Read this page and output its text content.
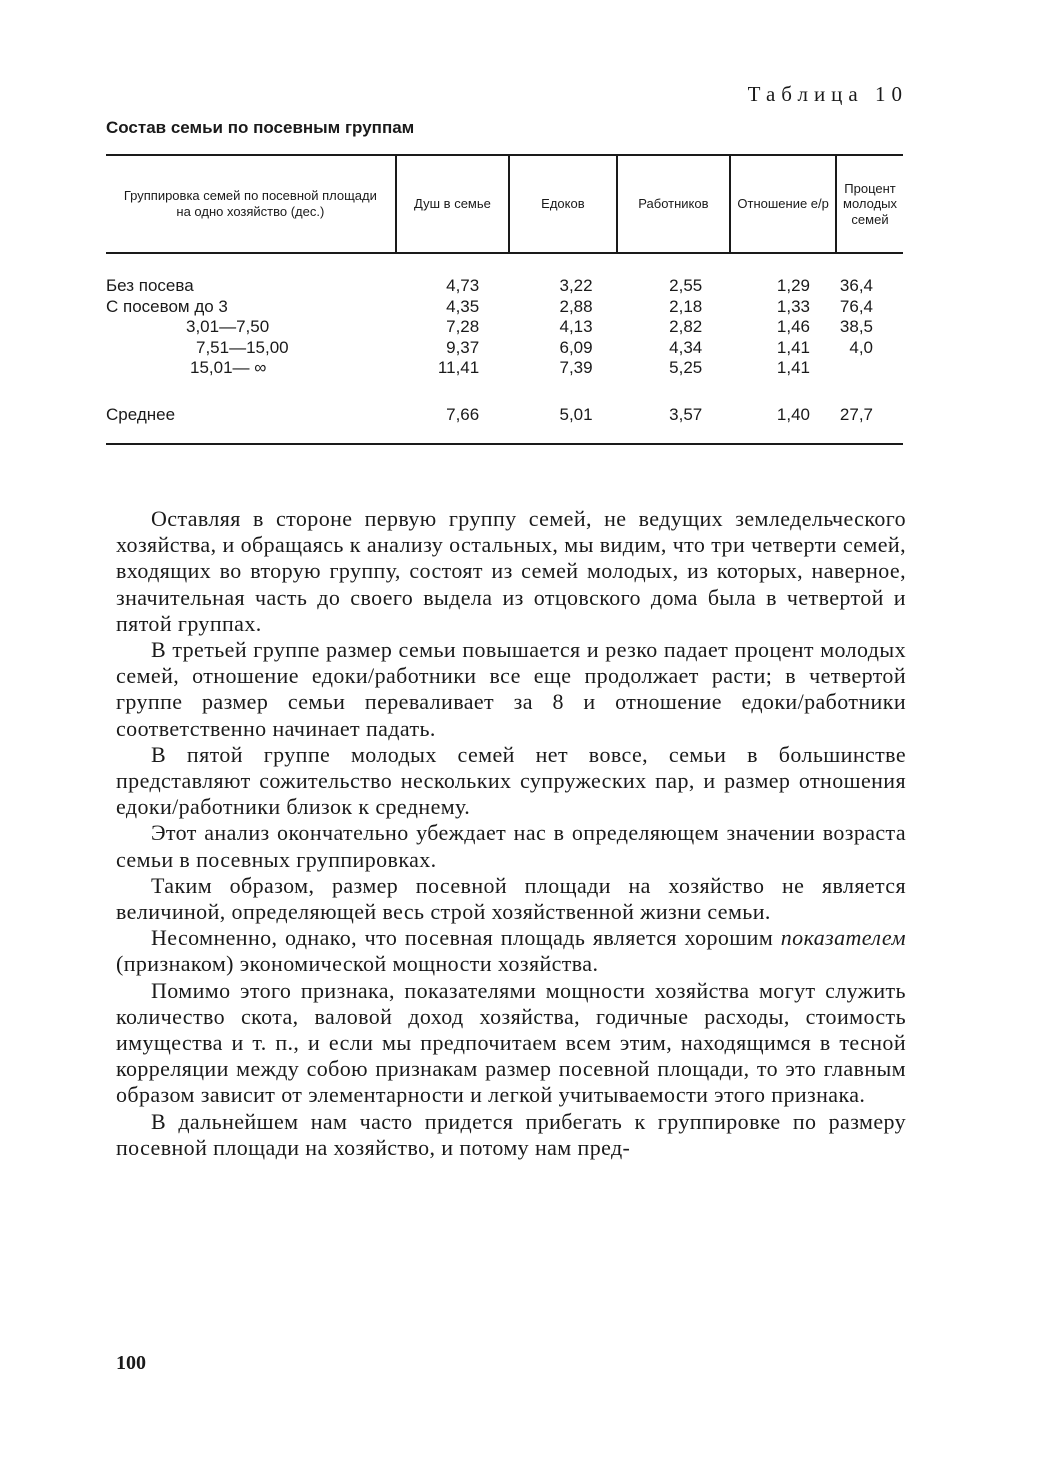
Таблица 10
Состав семьи по посевным группам
Группировка семей по посевной площади на одно хозяйство (дес.)	Душ в семье	Едоков	Работников	Отношение е/р	Процент молодых семей
Без посева	4,73	3,22	2,55	1,29	36,4
С посевом до 3	4,35	2,88	2,18	1,33	76,4
3,01—7,50	7,28	4,13	2,82	1,46	38,5
7,51—15,00	9,37	6,09	4,34	1,41	4,0
15,01— ∞	11,41	7,39	5,25	1,41	
Среднее	7,66	5,01	3,57	1,40	27,7

Оставляя в стороне первую группу семей, не ведущих земледельческого хозяйства, и обращаясь к анализу остальных, мы видим, что три четверти семей, входящих во вторую группу, состоят из семей молодых, из которых, наверное, значительная часть до своего выдела из отцовского дома была в четвертой и пятой группах.

В третьей группе размер семьи повышается и резко падает процент молодых семей, отношение едоки/работники все еще продолжает расти; в четвертой группе размер семьи переваливает за 8 и отношение едоки/работники соответственно начинает падать.

В пятой группе молодых семей нет вовсе, семьи в большинстве представляют сожительство нескольких супружеских пар, и размер отношения едоки/работники близок к среднему.

Этот анализ окончательно убеждает нас в определяющем значении возраста семьи в посевных группировках.

Таким образом, размер посевной площади на хозяйство не является величиной, определяющей весь строй хозяйственной жизни семьи.

Несомненно, однако, что посевная площадь является хорошим показателем (признаком) экономической мощности хозяйства.

Помимо этого признака, показателями мощности хозяйства могут служить количество скота, валовой доход хозяйства, годичные расходы, стоимость имущества и т. п., и если мы предпочитаем всем этим, находящимся в тесной корреляции между собою признакам размер посевной площади, то это главным образом зависит от элементарности и легкой учитываемости этого признака.

В дальнейшем нам часто придется прибегать к группировке по размеру посевной площади на хозяйство, и потому нам пред-

100
